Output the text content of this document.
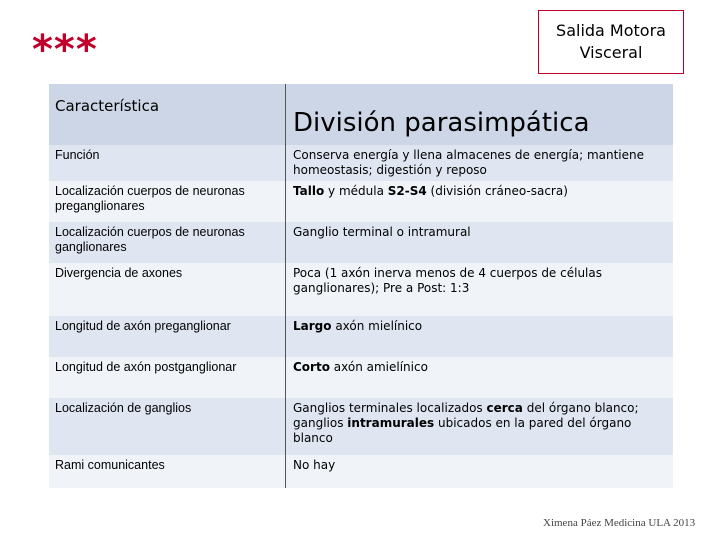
***	Salida Motora
Visceral
Característica	División parasimpática
Función	Conserva energía y llena almacenes de energía; mantiene homeostasis; digestión y reposo
Localización cuerpos de neuronas preganglionares	Tallo y médula S2-S4 (división cráneo-sacra)
Localización cuerpos de neuronas ganglionares	Ganglio terminal o intramural
Divergencia de axones	Poca (1 axón inerva menos de 4 cuerpos de células ganglionares); Pre a Post: 1:3
Longitud de axón preganglionar	Largo axón mielínico
Longitud de axón postganglionar	Corto axón amielínico
Localización de ganglios	Ganglios terminales localizados cerca del órgano blanco; ganglios intramurales ubicados en la pared del órgano blanco
Rami comunicantes	No hay
Ximena Páez Medicina ULA 2013
